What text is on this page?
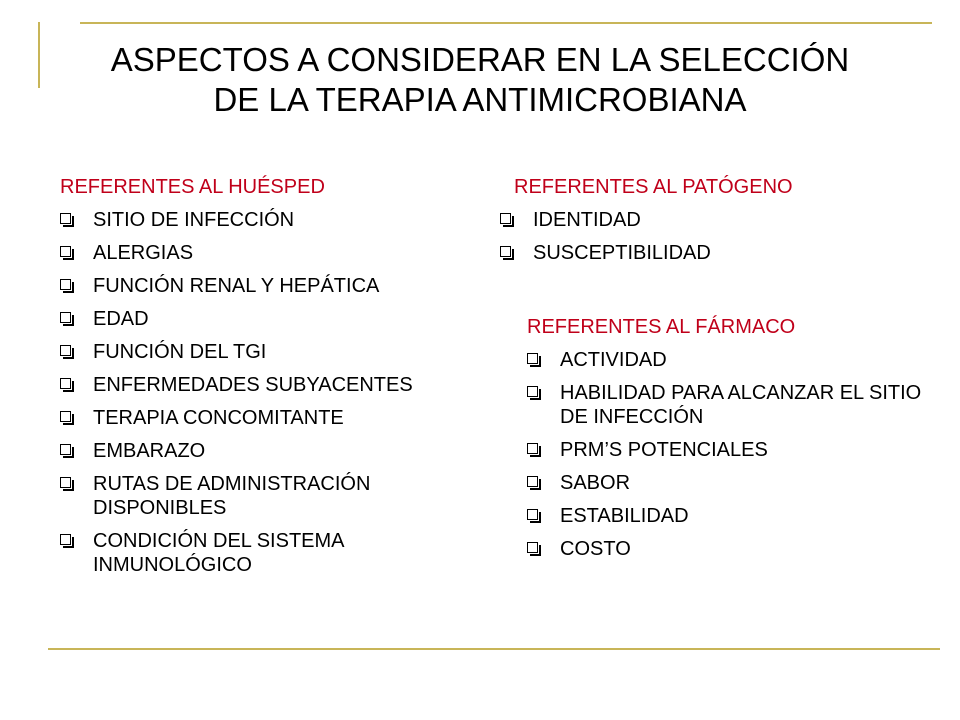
ASPECTOS A CONSIDERAR EN LA SELECCIÓN
DE LA TERAPIA ANTIMICROBIANA
REFERENTES AL HUÉSPED
SITIO DE INFECCIÓN
ALERGIAS
FUNCIÓN RENAL Y HEPÁTICA
EDAD
FUNCIÓN DEL TGI
ENFERMEDADES SUBYACENTES
TERAPIA CONCOMITANTE
EMBARAZO
RUTAS DE ADMINISTRACIÓN DISPONIBLES
CONDICIÓN DEL SISTEMA INMUNOLÓGICO
REFERENTES AL PATÓGENO
IDENTIDAD
SUSCEPTIBILIDAD
REFERENTES AL FÁRMACO
ACTIVIDAD
HABILIDAD PARA ALCANZAR EL SITIO DE INFECCIÓN
PRM’S POTENCIALES
SABOR
ESTABILIDAD
COSTO
